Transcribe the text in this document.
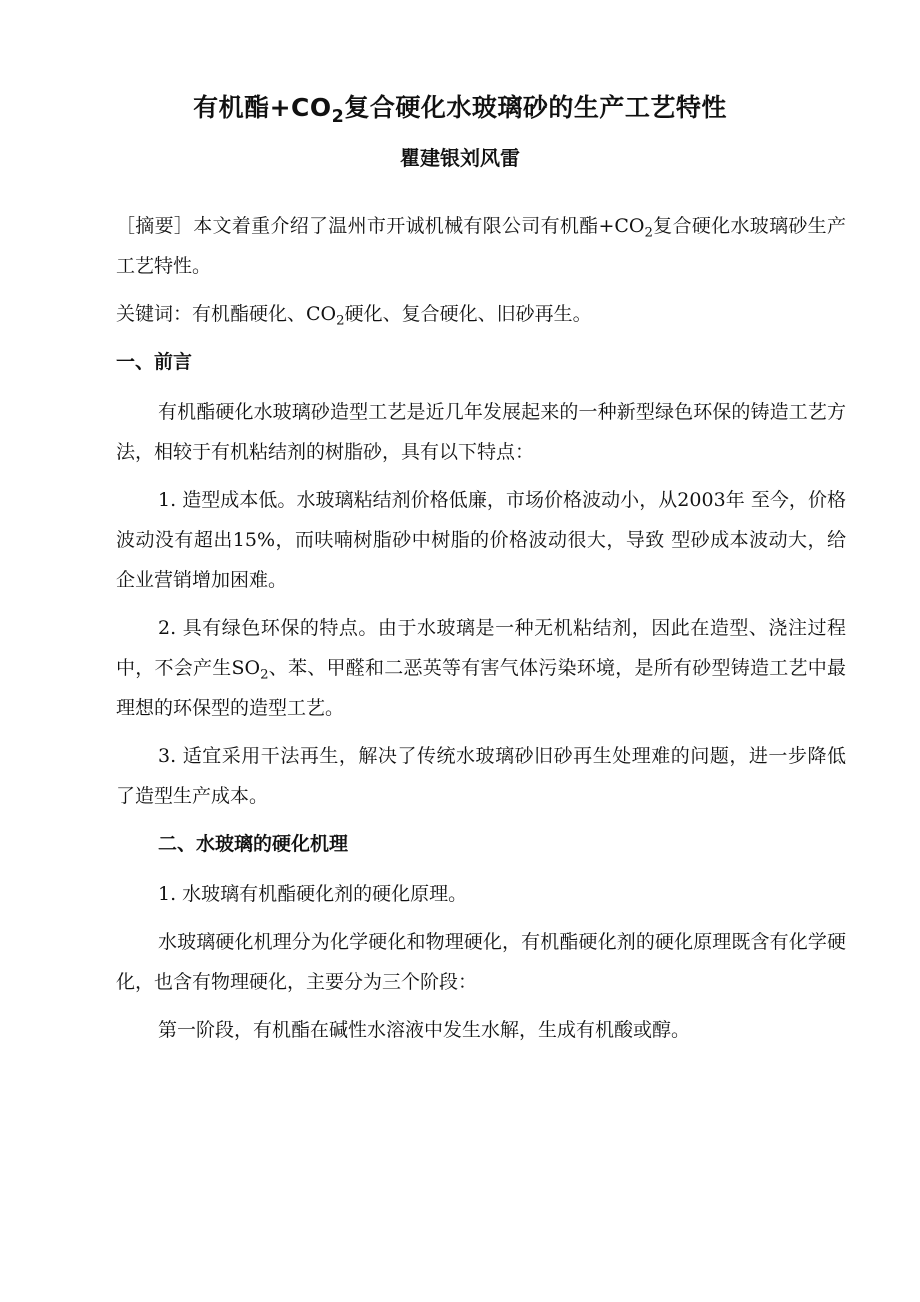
有机酯$+CO_2$复合硬化水玻璃砂的生产工艺特性
瞿建银刘风雷

［摘要］本文着重介绍了温州市开诚机械有限公司有机酯$+CO_2$复合硬化水玻璃砂生产工艺特性。

关键词：有机酯硬化、$CO_2$硬化、复合硬化、旧砂再生。

一、前言

有机酯硬化水玻璃砂造型工艺是近几年发展起来的一种新型绿色环保的铸造工艺方法，相较于有机粘结剂的树脂砂，具有以下特点：

1. 造型成本低。水玻璃粘结剂价格低廉，市场价格波动小，从2003年 至今，价格波动没有超出15%，而呋喃树脂砂中树脂的价格波动很大，导致 型砂成本波动大，给企业营销增加困难。

2. 具有绿色环保的特点。由于水玻璃是一种无机粘结剂，因此在造型、浇注过程中，不会产生$SO_2$、苯、甲醛和二恶英等有害气体污染环境，是所有砂型铸造工艺中最理想的环保型的造型工艺。

3. 适宜采用干法再生，解决了传统水玻璃砂旧砂再生处理难的问题，进一步降低了造型生产成本。

二、水玻璃的硬化机理

1. 水玻璃有机酯硬化剂的硬化原理。

水玻璃硬化机理分为化学硬化和物理硬化，有机酯硬化剂的硬化原理既含有化学硬化，也含有物理硬化，主要分为三个阶段：

第一阶段，有机酯在碱性水溶液中发生水解，生成有机酸或醇。
